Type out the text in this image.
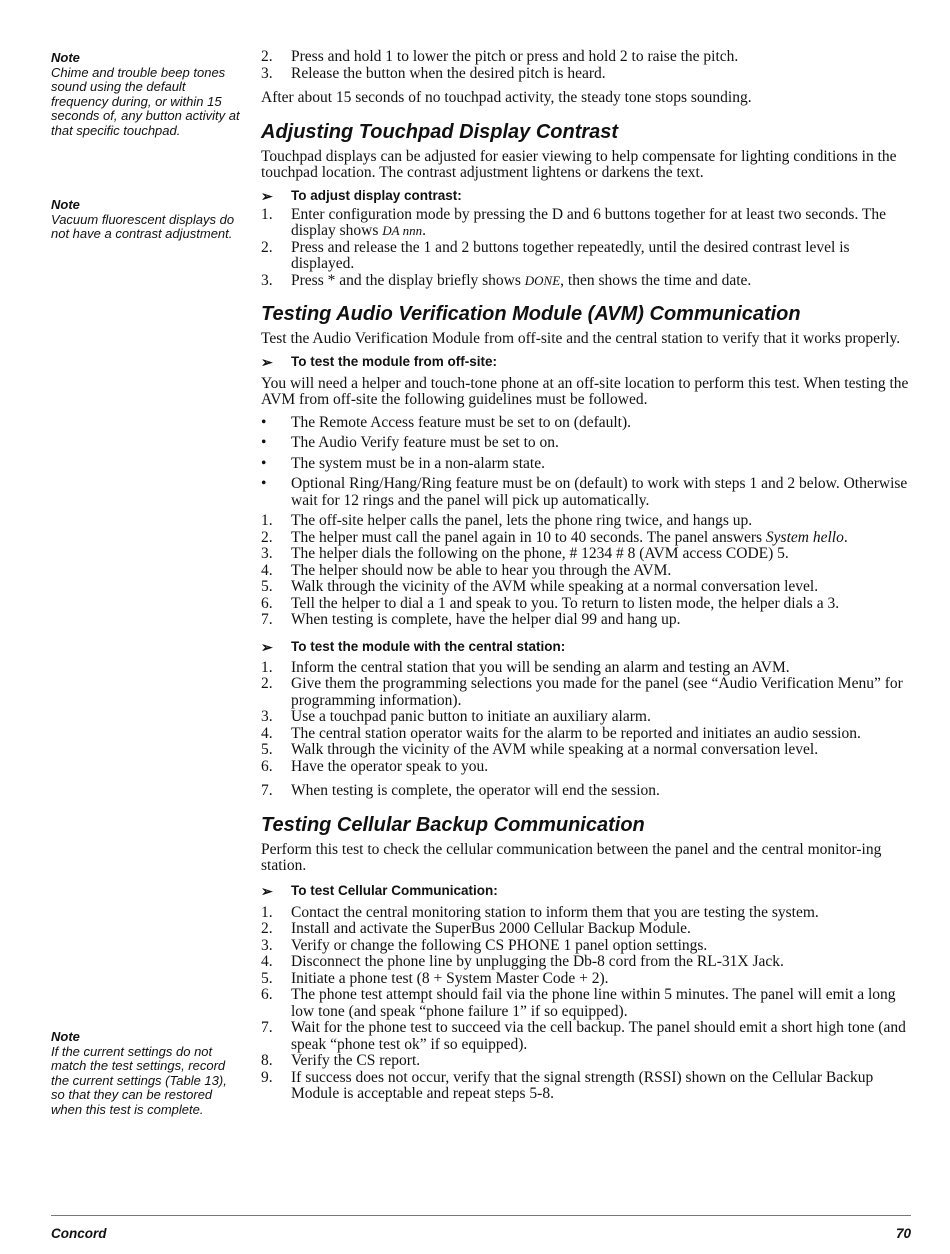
Note
Chime and trouble beep tones sound using the default frequency during, or within 15 seconds of, any button activity at that specific touchpad.
Note
Vacuum fluorescent displays do not have a contrast adjustment.
Note
If the current settings do not match the test settings, record the current settings (Table 13), so that they can be restored when this test is complete.
2.	Press and hold 1 to lower the pitch or press and hold 2 to raise the pitch.
3.	Release the button when the desired pitch is heard.

After about 15 seconds of no touchpad activity, the steady tone stops sounding.

Adjusting Touchpad Display Contrast

Touchpad displays can be adjusted for easier viewing to help compensate for lighting conditions in the touchpad location. The contrast adjustment lightens or darkens the text.

➢	To adjust display contrast:
1.	Enter configuration mode by pressing the D and 6 buttons together for at least two seconds. The display shows DA nnn.
2.	Press and release the 1 and 2 buttons together repeatedly, until the desired contrast level is displayed.
3.	Press * and the display briefly shows DONE, then shows the time and date.
Testing Audio Verification Module (AVM) Communication

Test the Audio Verification Module from off-site and the central station to verify that it works properly.

➢	To test the module from off-site:

You will need a helper and touch-tone phone at an off-site location to perform this test. When testing the AVM from off-site the following guidelines must be followed.

•	The Remote Access feature must be set to on (default).
•	The Audio Verify feature must be set to on.
•	The system must be in a non-alarm state.
•	Optional Ring/Hang/Ring feature must be on (default) to work with steps 1 and 2 below. Otherwise wait for 12 rings and the panel will pick up automatically.
1.	The off-site helper calls the panel, lets the phone ring twice, and hangs up.
2.	The helper must call the panel again in 10 to 40 seconds. The panel answers System hello.
3.	The helper dials the following on the phone, # 1234 # 8 (AVM access CODE) 5.
4.	The helper should now be able to hear you through the AVM.
5.	Walk through the vicinity of the AVM while speaking at a normal conversation level.
6.	Tell the helper to dial a 1 and speak to you. To return to listen mode, the helper dials a 3.
7.	When testing is complete, have the helper dial 99 and hang up.
➢	To test the module with the central station:
1.	Inform the central station that you will be sending an alarm and testing an AVM.
2.	Give them the programming selections you made for the panel (see “Audio Verification Menu” for programming information).
3.	Use a touchpad panic button to initiate an auxiliary alarm.
4.	The central station operator waits for the alarm to be reported and initiates an audio session.
5.	Walk through the vicinity of the AVM while speaking at a normal conversation level.
6.	Have the operator speak to you.
7.	When testing is complete, the operator will end the session.
Testing Cellular Backup Communication

Perform this test to check the cellular communication between the panel and the central monitor-ing station.

➢	To test Cellular Communication:
1.	Contact the central monitoring station to inform them that you are testing the system.
2.	Install and activate the SuperBus 2000 Cellular Backup Module.
3.	Verify or change the following CS PHONE 1 panel option settings.
4.	Disconnect the phone line by unplugging the Db-8 cord from the RL-31X Jack.
5.	Initiate a phone test (8 + System Master Code + 2).
6.	The phone test attempt should fail via the phone line within 5 minutes. The panel will emit a long low tone (and speak “phone failure 1” if so equipped).
7.	Wait for the phone test to succeed via the cell backup. The panel should emit a short high tone (and speak “phone test ok” if so equipped).
8.	Verify the CS report.
9.	If success does not occur, verify that the signal strength (RSSI) shown on the Cellular Backup Module is acceptable and repeat steps 5-8.
Concord	70
